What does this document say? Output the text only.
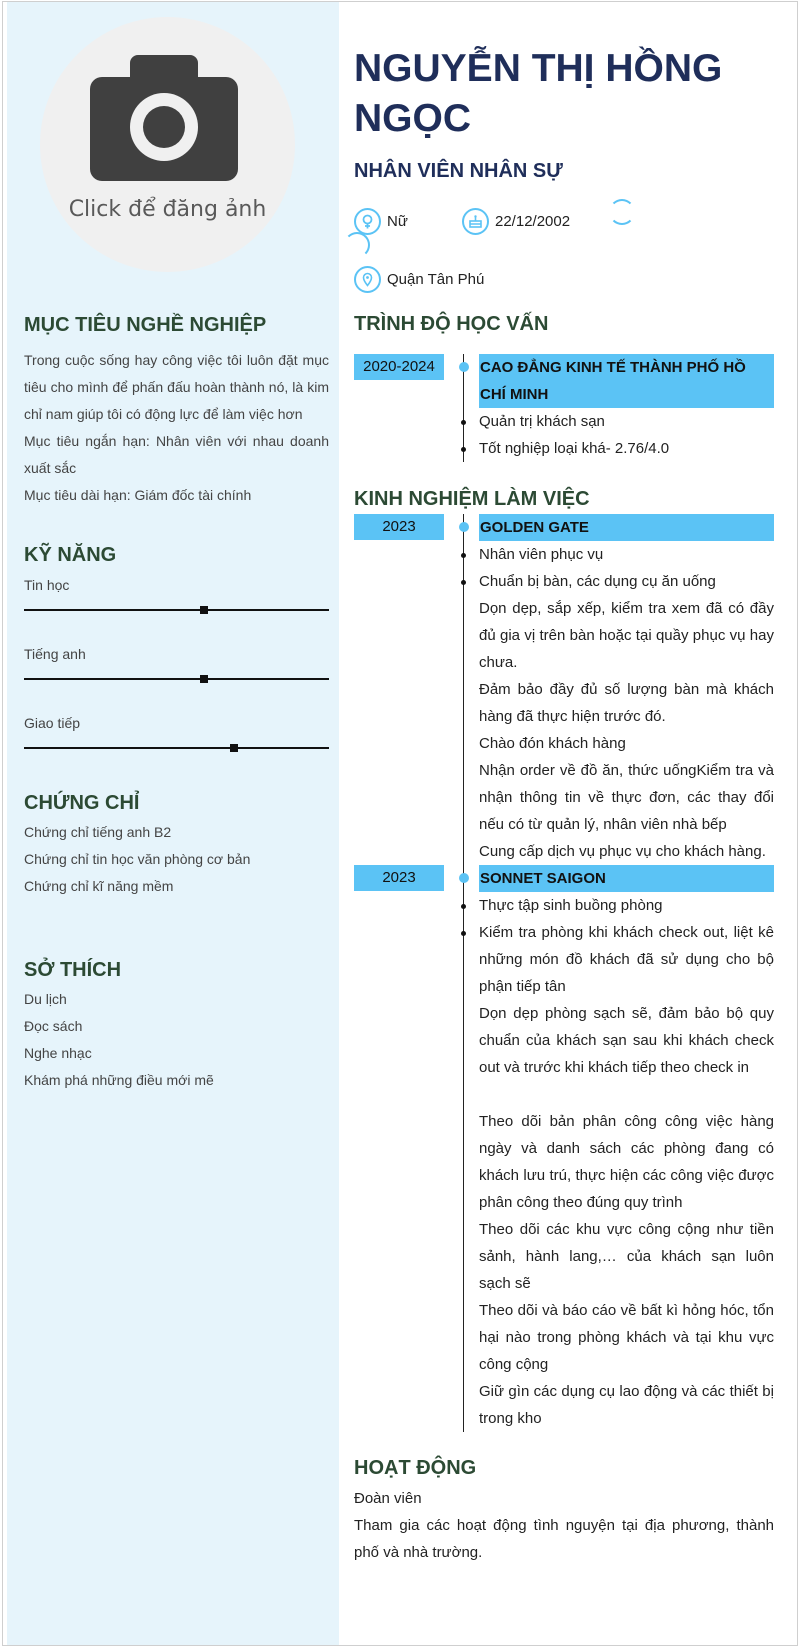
Click để đăng ảnh
MỤC TIÊU NGHỀ NGHIỆP
Trong cuộc sống hay công việc tôi luôn đặt mục tiêu cho mình để phấn đấu hoàn thành nó, là kim chỉ nam giúp tôi có động lực để làm việc hơn
Mục tiêu ngắn hạn: Nhân viên với nhau doanh xuất sắc
Mục tiêu dài hạn: Giám đốc tài chính
KỸ NĂNG
Tin học
Tiếng anh
Giao tiếp
CHỨNG CHỈ
Chứng chỉ tiếng anh B2
Chứng chỉ tin học văn phòng cơ bản
Chứng chỉ kĩ năng mềm
SỞ THÍCH
Du lịch
Đọc sách
Nghe nhạc
Khám phá những điều mới mẽ
NGUYỄN THỊ HỒNG NGỌC
NHÂN VIÊN NHÂN SỰ
Nữ	22/12/2002
Quận Tân Phú
TRÌNH ĐỘ HỌC VẤN
2020-2024	CAO ĐẲNG KINH TẾ THÀNH PHỐ HỒ CHÍ MINH
Quản trị khách sạn
Tốt nghiệp loại khá- 2.76/4.0
KINH NGHIỆM LÀM VIỆC
2023	GOLDEN GATE
Nhân viên phục vụ
Chuẩn bị bàn, các dụng cụ ăn uống
Dọn dẹp, sắp xếp, kiểm tra xem đã có đầy đủ gia vị trên bàn hoặc tại quầy phục vụ hay chưa.
Đảm bảo đầy đủ số lượng bàn mà khách hàng đã thực hiện trước đó.
Chào đón khách hàng
Nhận order về đồ ăn, thức uốngKiểm tra và nhận thông tin về thực đơn, các thay đổi nếu có từ quản lý, nhân viên nhà bếp
Cung cấp dịch vụ phục vụ cho khách hàng.
2023	SONNET SAIGON
Thực tập sinh buồng phòng
Kiểm tra phòng khi khách check out, liệt kê những món đồ khách đã sử dụng cho bộ phận tiếp tân
Dọn dẹp phòng sạch sẽ, đảm bảo bộ quy chuẩn của khách sạn sau khi khách check out và trước khi khách tiếp theo check in
Theo dõi bản phân công công việc hàng ngày và danh sách các phòng đang có khách lưu trú, thực hiện các công việc được phân công theo đúng quy trình
Theo dõi các khu vực công cộng như tiền sảnh, hành lang,… của khách sạn luôn sạch sẽ
Theo dõi và báo cáo về bất kì hỏng hóc, tổn hại nào trong phòng khách và tại khu vực công cộng
Giữ gìn các dụng cụ lao động và các thiết bị trong kho
HOẠT ĐỘNG
Đoàn viên
Tham gia các hoạt động tình nguyện tại địa phương, thành phố và nhà trường.
